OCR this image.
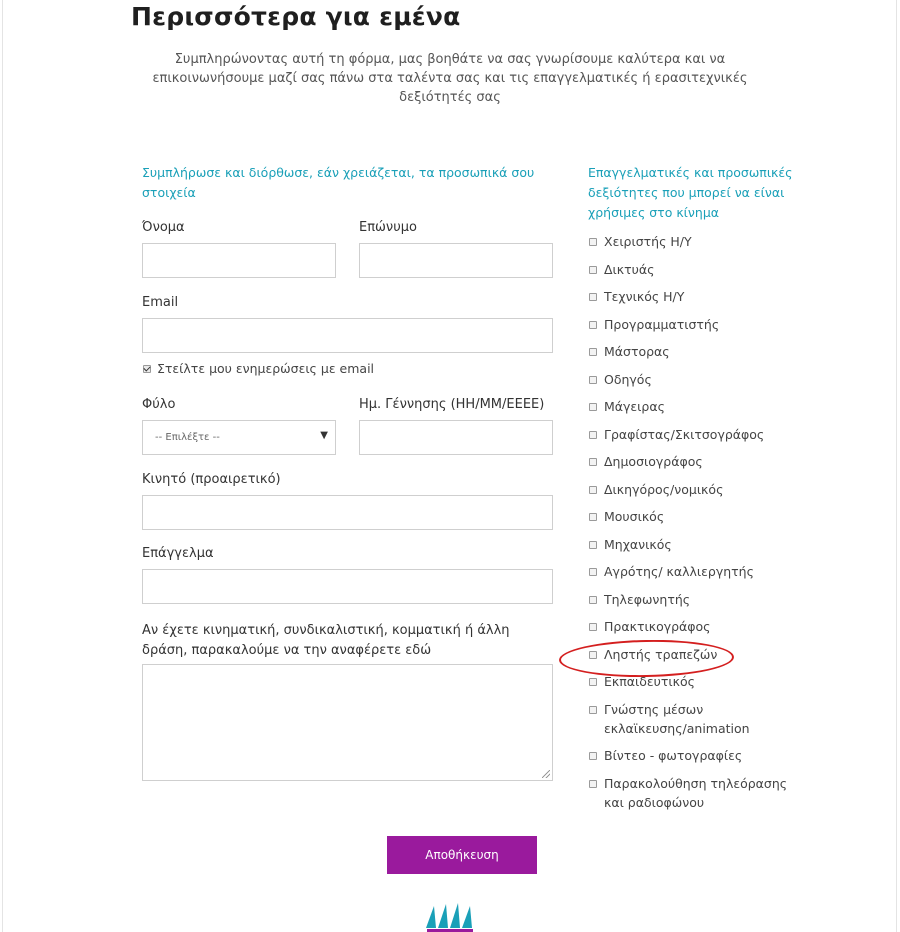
Περισσότερα για εμένα

Συμπληρώνοντας αυτή τη φόρμα, μας βοηθάτε να σας γνωρίσουμε καλύτερα και να επικοινωνήσουμε μαζί σας πάνω στα ταλέντα σας και τις επαγγελματικές ή ερασιτεχνικές δεξιότητές σας

Συμπλήρωσε και διόρθωσε, εάν χρειάζεται, τα προσωπικά σου στοιχεία

Όνομα	Επώνυμο
Email
Στείλτε μου ενημερώσεις με email
Φύλο
-- Επιλέξτε --	▼
Ημ. Γέννησης (ΗΗ/ΜΜ/ΕΕΕΕ)
Κινητό (προαιρετικό)
Επάγγελμα
Αν έχετε κινηματική, συνδικαλιστική, κομματική ή άλλη δράση, παρακαλούμε να την αναφέρετε εδώ

Επαγγελματικές και προσωπικές δεξιότητες που μπορεί να είναι χρήσιμες στο κίνημα

Χειριστής Η/Υ
Δικτυάς
Τεχνικός Η/Υ
Προγραμματιστής
Μάστορας
Οδηγός
Μάγειρας
Γραφίστας/Σκιτσογράφος
Δημοσιογράφος
Δικηγόρος/νομικός
Μουσικός
Μηχανικός
Αγρότης/ καλλιεργητής
Τηλεφωνητής
Πρακτικογράφος
Ληστής τραπεζών
Εκπαιδευτικός
Γνώστης μέσων εκλαϊκευσης/animation
Βίντεο - φωτογραφίες
Παρακολούθηση τηλεόρασης και ραδιοφώνου
Αποθήκευση
